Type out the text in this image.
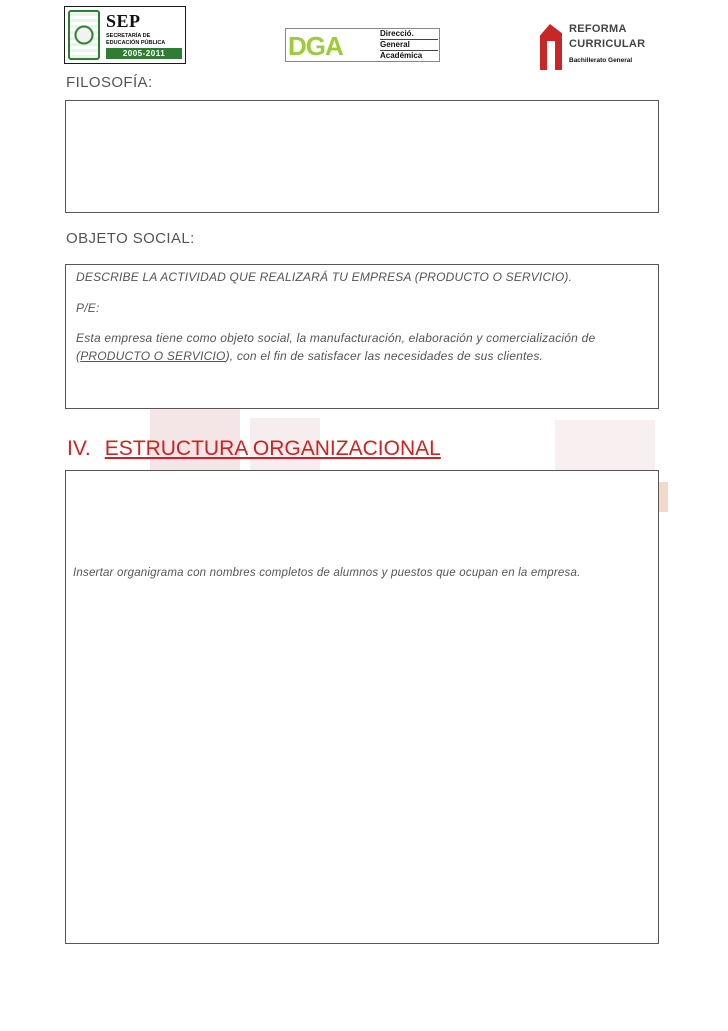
SEP
SECRETARÍA DE
EDUCACIÓN PÚBLICA
2005-2011	DGA	Direcció.
General
Académica
REFORMA
CURRICULAR
Bachillerato General
FILOSOFÍA:
OBJETO SOCIAL:
DESCRIBE LA ACTIVIDAD QUE REALIZARÁ TU EMPRESA (PRODUCTO O SERVICIO).
P/E:
Esta empresa tiene como objeto social, la manufacturación, elaboración y comercialización de
(PRODUCTO O SERVICIO), con el fin de satisfacer las necesidades de sus clientes.
IV. ESTRUCTURA ORGANIZACIONAL
Insertar organigrama con nombres completos de alumnos y puestos que ocupan en la empresa.
